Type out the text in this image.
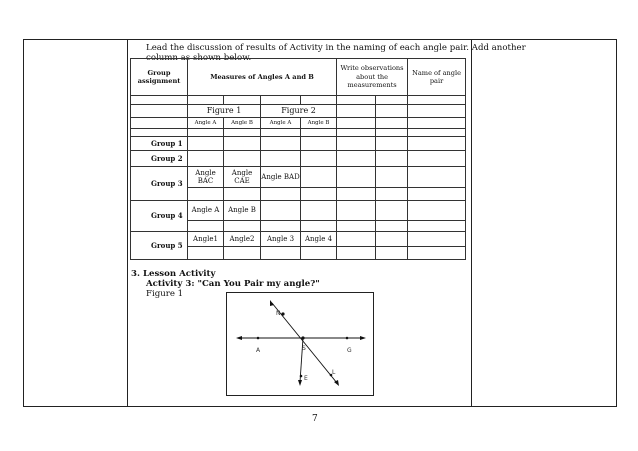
Lead the discussion of results of Activity in the naming of each angle pair. Add another
column as shown below.
Group assignment	Measures of Angles A and B				Write observations about the measurements		Name of angle pair

	Figure 1		Figure 2				
	Angle A	Angle B	Angle A	Angle B			

Group 1							
Group 2							
Group 3	Angle BAC	Angle CAE	Angle BAD				

Group 4	Angle A	Angle B					

Group 5	Angle1	Angle2	Angle 3	Angle 4			

3. Lesson Activity
Activity 3: "Can You Pair my angle?"
Figure 1
N
A	S	G
E
L
7
